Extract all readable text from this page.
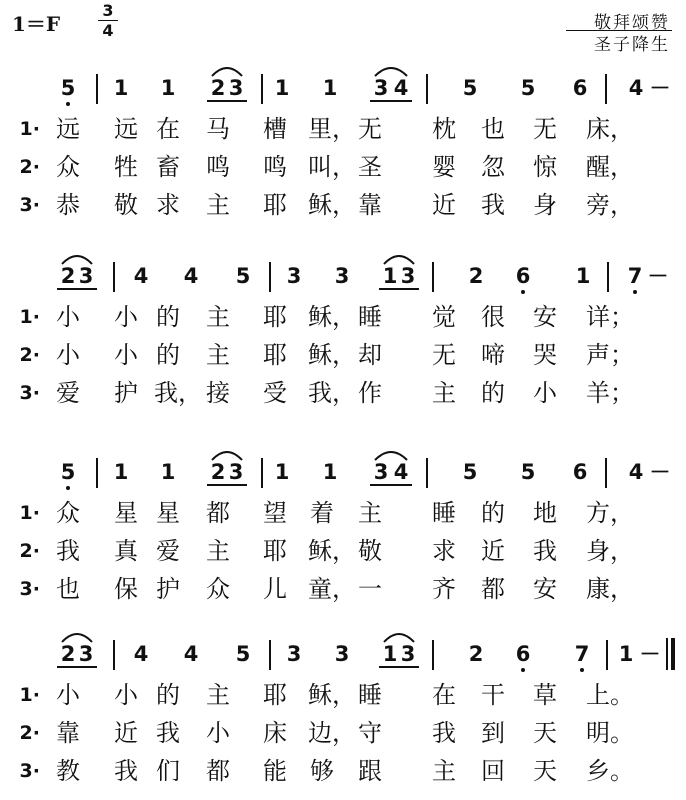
1＝F
3
4	敬拜颂赞
圣子降生
5 1 1 2 3 1 1 3 4	5 5 6 4 －
1· 远 远 在 马 槽 里， 无 枕 也 无 床，
2· 众 牲 畜 鸣 鸣 叫， 圣 婴 忽 惊 醒，
3· 恭 敬 求 主 耶 稣， 靠 近 我 身 旁，
2 3 4 4 5 3 3 1 3	2 6 1 7 －
1· 小 小 的 主 耶 稣， 睡 觉 很 安 详；
2· 小 小 的 主 耶 稣， 却 无 啼 哭 声；
3· 爱 护 我， 接 受 我， 作 主 的 小 羊；
5 1 1 2 3 1 1 3 4	5 5 6 4 －
1· 众 星 星 都 望 着 主 睡 的 地 方，
2· 我 真 爱 主 耶 稣， 敬 求 近 我 身，
3· 也 保 护 众 儿 童， 一 齐 都 安 康，
2 3 4 4 5 3 3 1 3	2 6 7 1 －
1· 小 小 的 主 耶 稣， 睡 在 干 草 上。
2· 靠 近 我 小 床 边， 守 我 到 天 明。
3· 教 我 们 都 能 够 跟 主 回 天 乡。
